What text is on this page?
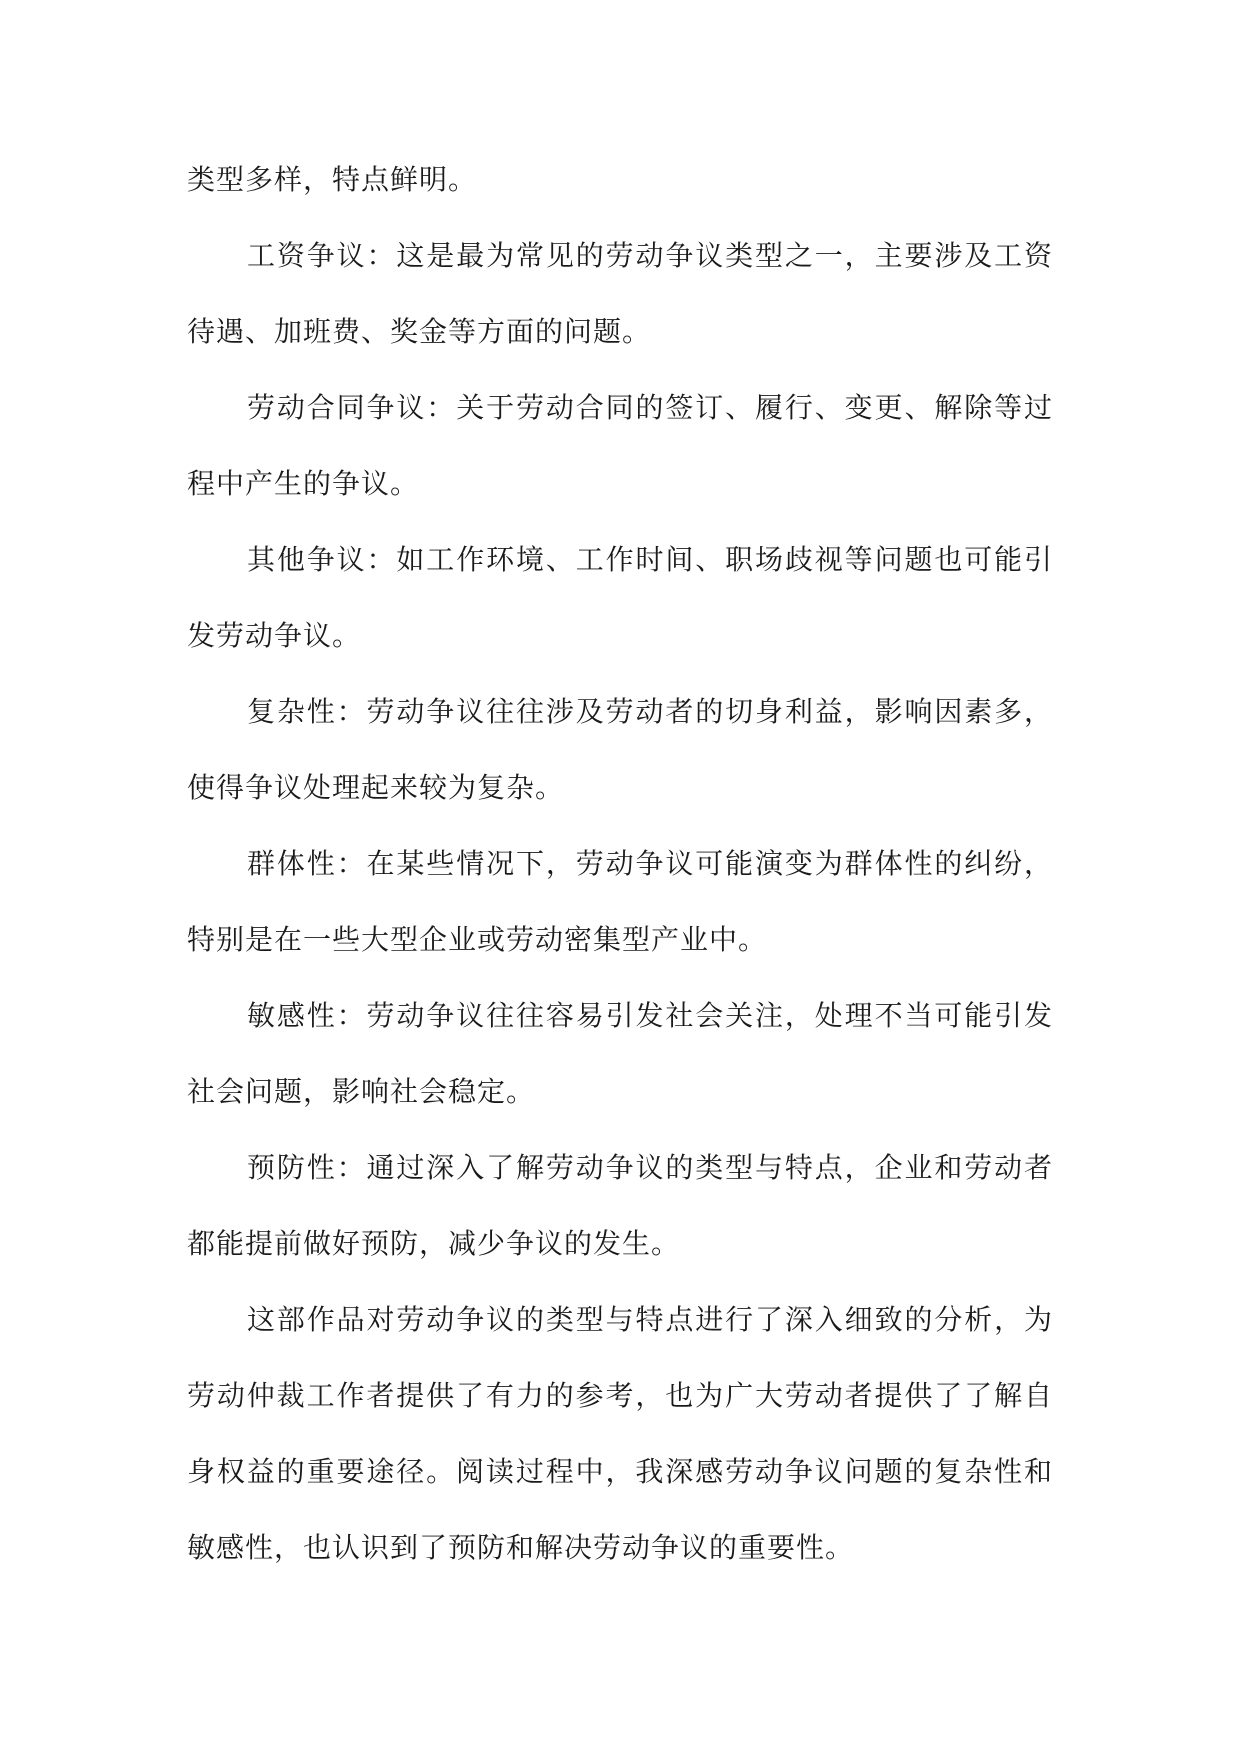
类型多样，特点鲜明。

工资争议：这是最为常见的劳动争议类型之一，主要涉及工资待遇、加班费、奖金等方面的问题。

劳动合同争议：关于劳动合同的签订、履行、变更、解除等过程中产生的争议。

其他争议：如工作环境、工作时间、职场歧视等问题也可能引发劳动争议。

复杂性：劳动争议往往涉及劳动者的切身利益，影响因素多，使得争议处理起来较为复杂。

群体性：在某些情况下，劳动争议可能演变为群体性的纠纷，特别是在一些大型企业或劳动密集型产业中。

敏感性：劳动争议往往容易引发社会关注，处理不当可能引发社会问题，影响社会稳定。

预防性：通过深入了解劳动争议的类型与特点，企业和劳动者都能提前做好预防，减少争议的发生。

这部作品对劳动争议的类型与特点进行了深入细致的分析，为劳动仲裁工作者提供了有力的参考，也为广大劳动者提供了了解自身权益的重要途径。阅读过程中，我深感劳动争议问题的复杂性和敏感性，也认识到了预防和解决劳动争议的重要性。
